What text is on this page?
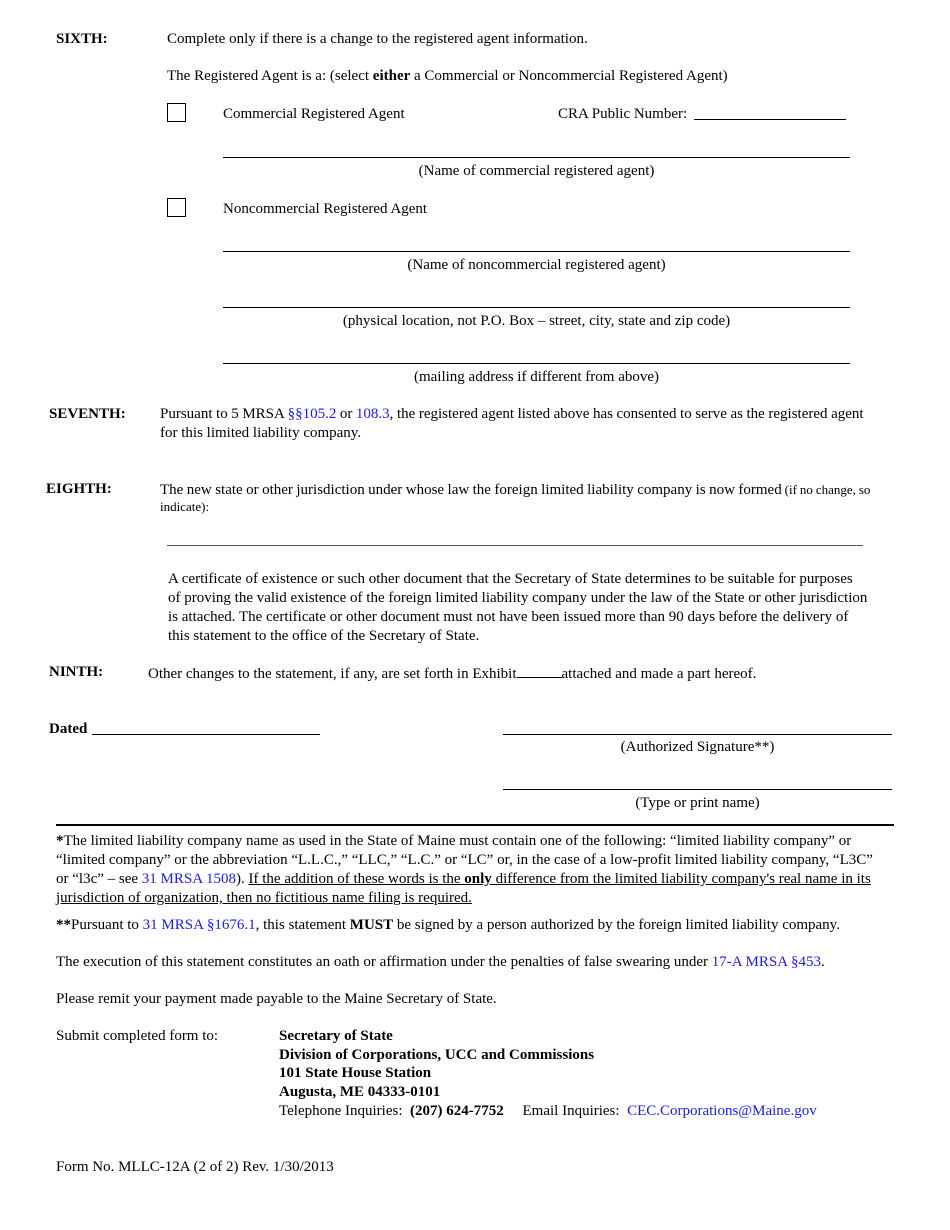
SIXTH:	Complete only if there is a change to the registered agent information.
The Registered Agent is a: (select either a Commercial or Noncommercial Registered Agent)
Commercial Registered Agent	CRA Public Number:
(Name of commercial registered agent)
Noncommercial Registered Agent
(Name of noncommercial registered agent)
(physical location, not P.O. Box – street, city, state and zip code)
(mailing address if different from above)
SEVENTH: Pursuant to 5 MRSA §§105.2 or 108.3, the registered agent listed above has consented to serve as the registered agent
for this limited liability company.
EIGHTH:	The new state or other jurisdiction under whose law the foreign limited liability company is now formed (if no change, so
indicate):
A certificate of existence or such other document that the Secretary of State determines to be suitable for purposes
of proving the valid existence of the foreign limited liability company under the law of the State or other jurisdiction
is attached. The certificate or other document must not have been issued more than 90 days before the delivery of
this statement to the office of the Secretary of State.
NINTH:	Other changes to the statement, if any, are set forth in Exhibit	attached and made a part hereof.
Dated
(Authorized Signature**)
(Type or print name)
*The limited liability company name as used in the State of Maine must contain one of the following: “limited liability company” or
“limited company” or the abbreviation “L.L.C.,” “LLC,” “L.C.” or “LC” or, in the case of a low-profit limited liability company, “L3C”
or “l3c” – see 31 MRSA 1508). If the addition of these words is the only difference from the limited liability company's real name in its
jurisdiction of organization, then no fictitious name filing is required.
**Pursuant to 31 MRSA §1676.1, this statement MUST be signed by a person authorized by the foreign limited liability company.
The execution of this statement constitutes an oath or affirmation under the penalties of false swearing under 17-A MRSA §453.
Please remit your payment made payable to the Maine Secretary of State.
Submit completed form to:	Secretary of State
Division of Corporations, UCC and Commissions
101 State House Station
Augusta, ME 04333-0101
Telephone Inquiries: (207) 624-7752 Email Inquiries: CEC.Corporations@Maine.gov
Form No. MLLC-12A (2 of 2) Rev. 1/30/2013
